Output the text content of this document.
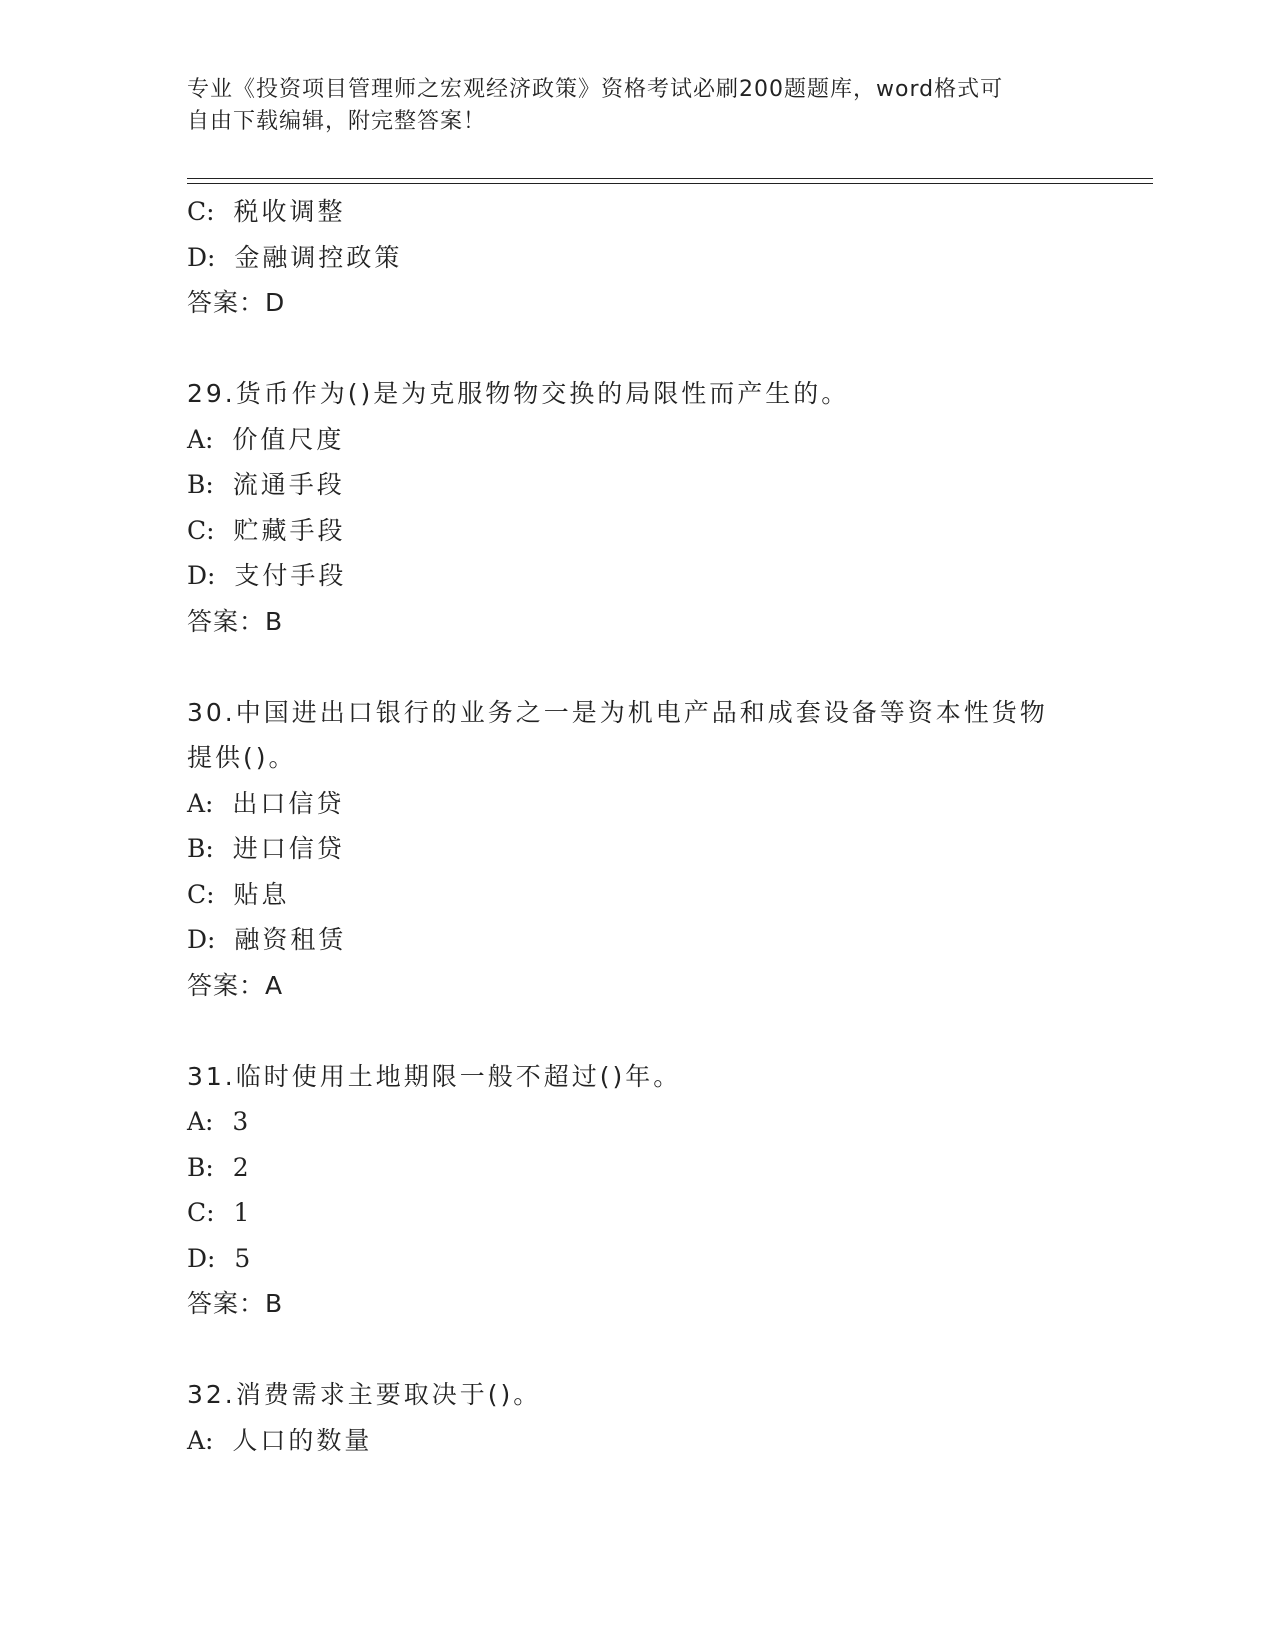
专业《投资项目管理师之宏观经济政策》资格考试必刷200题题库，word格式可
自由下载编辑，附完整答案！
C:  税收调整
D:  金融调控政策
答案：D
29.货币作为()是为克服物物交换的局限性而产生的。
A:  价值尺度
B:  流通手段
C:  贮藏手段
D:  支付手段
答案：B
30.中国进出口银行的业务之一是为机电产品和成套设备等资本性货物
提供()。
A:  出口信贷
B:  进口信贷
C:  贴息
D:  融资租赁
答案：A
31.临时使用土地期限一般不超过()年。
A:  3
B:  2
C:  1
D:  5
答案：B
32.消费需求主要取决于()。
A:  人口的数量
